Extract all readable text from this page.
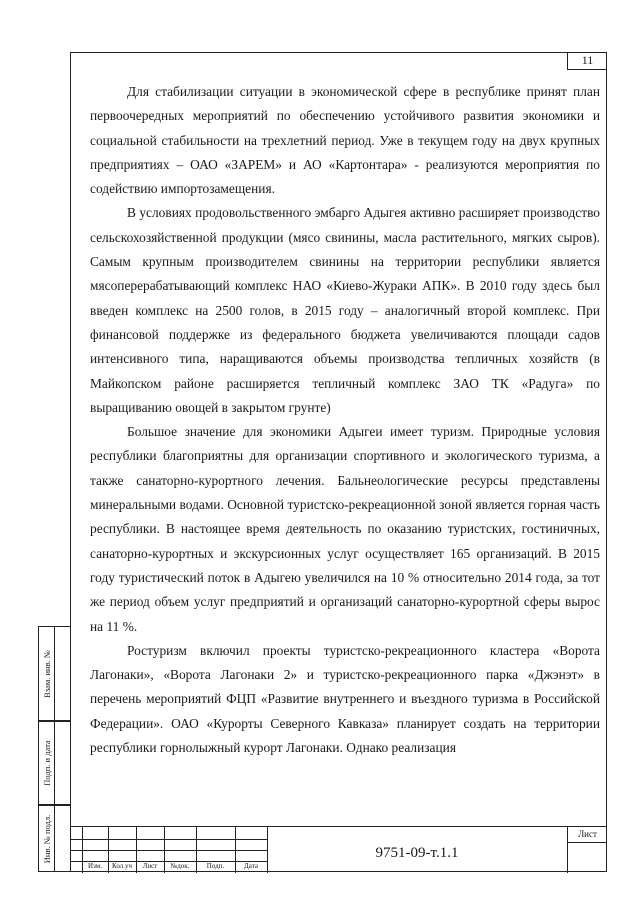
11

Для стабилизации ситуации в экономической сфере в республике принят план первоочередных мероприятий по обеспечению устойчивого развития экономики и социальной стабильности на трехлетний период. Уже в текущем году на двух крупных предприятиях – ОАО «ЗАРЕМ» и АО «Картонтара» - реализуются мероприятия по содействию импортозамещения.

В условиях продовольственного эмбарго Адыгея активно расширяет производство сельскохозяйственной продукции (мясо свинины, масла растительного, мягких сыров). Самым крупным производителем свинины на территории республики является мясоперерабатывающий комплекс НАО «Киево-Жураки АПК». В 2010 году здесь был введен комплекс на 2500 голов, в 2015 году – аналогичный второй комплекс. При финансовой поддержке из федерального бюджета увеличиваются площади садов интенсивного типа, наращиваются объемы производства тепличных хозяйств (в Майкопском районе расширяется тепличный комплекс ЗАО ТК «Радуга» по выращиванию овощей в закрытом грунте)

Большое значение для экономики Адыгеи имеет туризм. Природные условия республики благоприятны для организации спортивного и экологического туризма, а также санаторно-курортного лечения. Бальнеологические ресурсы представлены минеральными водами. Основной туристско-рекреационной зоной является горная часть республики. В настоящее время деятельность по оказанию туристских, гостиничных, санаторно-курортных и экскурсионных услуг осуществляет 165 организаций. В 2015 году туристический поток в Адыгею увеличился на 10 % относительно 2014 года, за тот же период объем услуг предприятий и организаций санаторно-курортной сферы вырос на 11 %.

Ростуризм включил проекты туристско-рекреационного кластера «Ворота Лагонаки», «Ворота Лагонаки 2» и туристско-рекреационного парка «Джэнэт» в перечень мероприятий ФЦП «Развитие внутреннего и въездного туризма в Российской Федерации». ОАО «Курорты Северного Кавказа» планирует создать на территории республики горнолыжный курорт Лагонаки. Однако реализация

Взам. инв. №
Подп. и дата
Инв. № подл.
Изм.	Кол.уч	Лист	№док.	Подп.	Дата
9751-09-т.1.1
Лист
